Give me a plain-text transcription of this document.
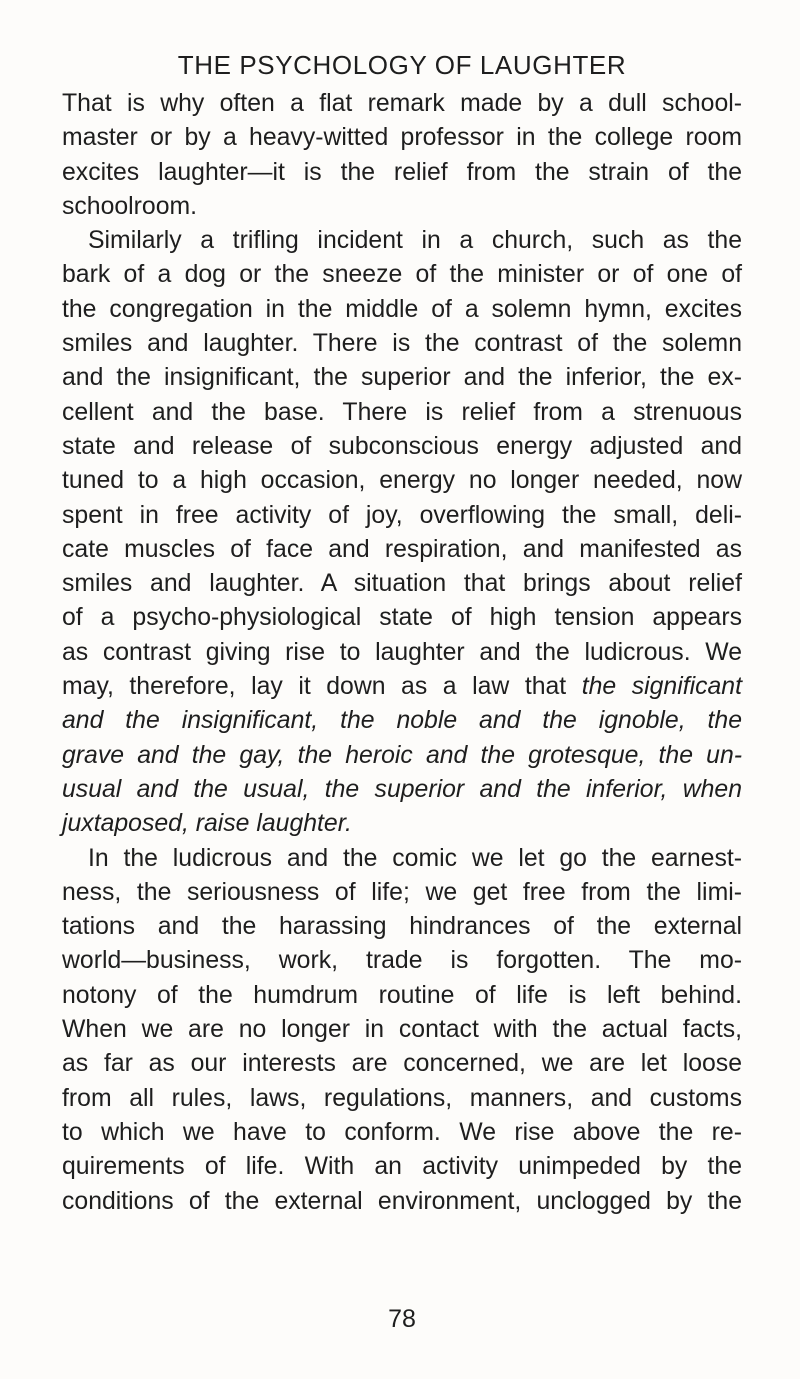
THE PSYCHOLOGY OF LAUGHTER
That is why often a flat remark made by a dull school-
master or by a heavy-witted professor in the college room
excites laughter—it is the relief from the strain of the
schoolroom.
Similarly a trifling incident in a church, such as the
bark of a dog or the sneeze of the minister or of one of
the congregation in the middle of a solemn hymn, excites
smiles and laughter. There is the contrast of the solemn
and the insignificant, the superior and the inferior, the ex-
cellent and the base. There is relief from a strenuous
state and release of subconscious energy adjusted and
tuned to a high occasion, energy no longer needed, now
spent in free activity of joy, overflowing the small, deli-
cate muscles of face and respiration, and manifested as
smiles and laughter. A situation that brings about relief
of a psycho-physiological state of high tension appears
as contrast giving rise to laughter and the ludicrous. We
may, therefore, lay it down as a law that the significant
and the insignificant, the noble and the ignoble, the
grave and the gay, the heroic and the grotesque, the un-
usual and the usual, the superior and the inferior, when
juxtaposed, raise laughter.
In the ludicrous and the comic we let go the earnest-
ness, the seriousness of life; we get free from the limi-
tations and the harassing hindrances of the external
world—business, work, trade is forgotten. The mo-
notony of the humdrum routine of life is left behind.
When we are no longer in contact with the actual facts,
as far as our interests are concerned, we are let loose
from all rules, laws, regulations, manners, and customs
to which we have to conform. We rise above the re-
quirements of life. With an activity unimpeded by the
conditions of the external environment, unclogged by the
78
